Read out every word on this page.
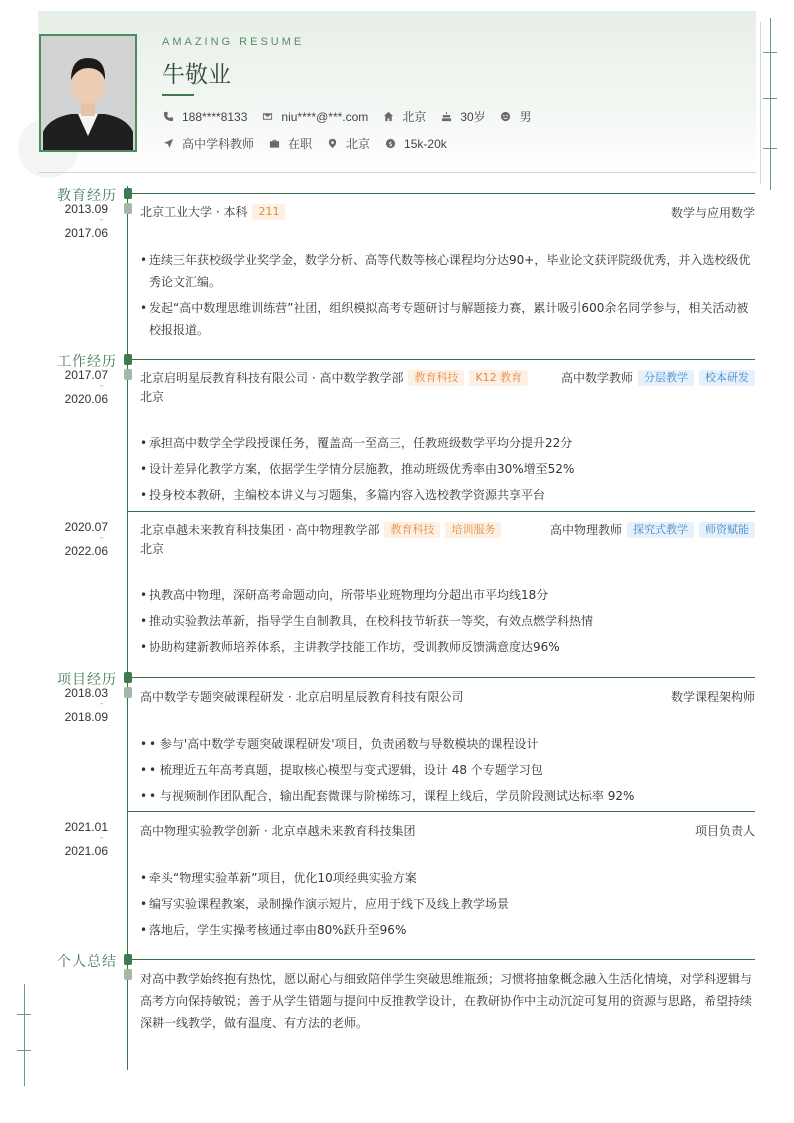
AMAZING RESUME
牛敬业
188****8133	niu****@***.com	北京	30岁	男
高中学科教师	在职	北京	$ 15k-20k
教育经历
2013.09
-
2017.06
北京工业大学 · 本科	211	数学与应用数学
• 连续三年获校级学业奖学金，数学分析、高等代数等核心课程均分达90+，毕业论文获评院级优秀，并入选校级优秀论文汇编。
• 发起“高中数理思维训练营”社团，组织模拟高考专题研讨与解题接力赛，累计吸引600余名同学参与，相关活动被校报报道。
工作经历
2017.07
-
2020.06
北京启明星辰教育科技有限公司 · 高中数学教学部	教育科技	K12 教育	高中数学教师	分层教学	校本研发
北京
• 承担高中数学全学段授课任务，覆盖高一至高三，任教班级数学平均分提升22分
• 设计差异化教学方案，依据学生学情分层施教，推动班级优秀率由30%增至52%
• 投身校本教研，主编校本讲义与习题集，多篇内容入选校教学资源共享平台
2020.07
-
2022.06
北京卓越未来教育科技集团 · 高中物理教学部	教育科技	培训服务	高中物理教师	探究式教学	师资赋能
北京
• 执教高中物理，深研高考命题动向，所带毕业班物理均分超出市平均线18分
• 推动实验教法革新，指导学生自制教具，在校科技节斩获一等奖，有效点燃学科热情
• 协助构建新教师培养体系，主讲教学技能工作坊，受训教师反馈满意度达96%
项目经历
2018.03
-
2018.09
高中数学专题突破课程研发 · 北京启明星辰教育科技有限公司	数学课程架构师
• • 参与'高中数学专题突破课程研发'项目，负责函数与导数模块的课程设计
• • 梳理近五年高考真题，提取核心模型与变式逻辑，设计 48 个专题学习包
• • 与视频制作团队配合，输出配套微课与阶梯练习，课程上线后，学员阶段测试达标率 92%
2021.01
-
2021.06
高中物理实验教学创新 · 北京卓越未来教育科技集团	项目负责人
• 牵头“物理实验革新”项目，优化10项经典实验方案
• 编写实验课程教案，录制操作演示短片，应用于线下及线上教学场景
• 落地后，学生实操考核通过率由80%跃升至96%
个人总结
对高中教学始终抱有热忱，愿以耐心与细致陪伴学生突破思维瓶颈；习惯将抽象概念融入生活化情境，对学科逻辑与高考方向保持敏锐；善于从学生错题与提问中反推教学设计，在教研协作中主动沉淀可复用的资源与思路，希望持续深耕一线教学，做有温度、有方法的老师。
